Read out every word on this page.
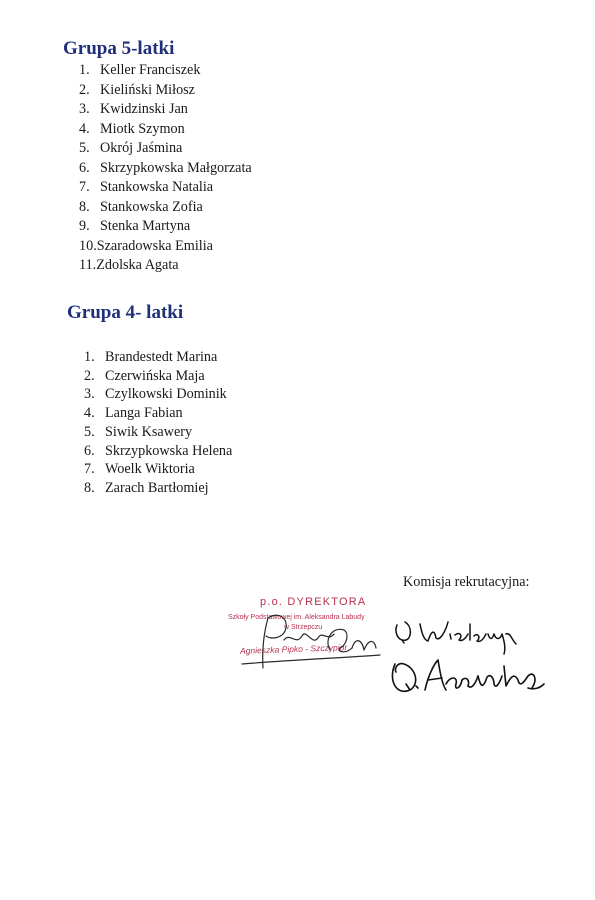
Grupa 5-latki
1. Keller Franciszek
2. Kieliński Miłosz
3. Kwidzinski Jan
4. Miotk Szymon
5. Okrój Jaśmina
6. Skrzypkowska Małgorzata
7. Stankowska Natalia
8. Stankowska Zofia
9. Stenka Martyna
10.Szaradowska Emilia
11.Zdolska Agata
Grupa 4- latki
1. Brandestedt Marina
2. Czerwińska Maja
3. Czylkowski Dominik
4. Langa Fabian
5. Siwik Ksawery
6. Skrzypkowska Helena
7. Woelk Wiktoria
8. Zarach Bartłomiej
Komisja rekrutacyjna:
p.o. DYREKTORA
Szkoły Podstawowej im. Aleksandra Labudy
w Strzepczu
Agnieszka Pipko - Szczypior
